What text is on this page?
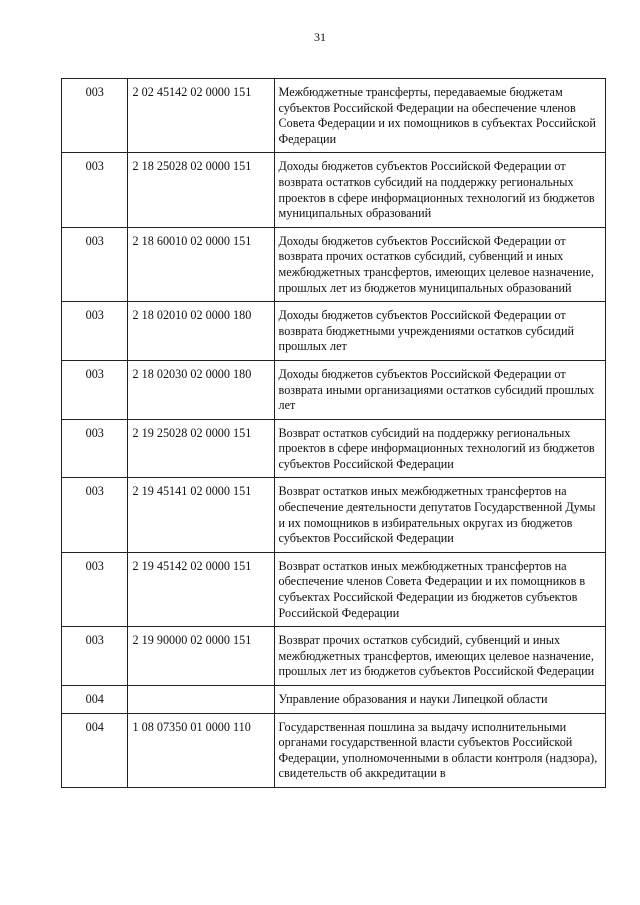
31
003	2 02 45142 02 0000 151	Межбюджетные трансферты, передаваемые бюджетам субъектов Российской Федерации на обеспечение членов Совета Федерации и их помощников в субъектах Российской Федерации
003	2 18 25028 02 0000 151	Доходы бюджетов субъектов Российской Федерации от возврата остатков субсидий на поддержку региональных проектов в сфере информационных технологий из бюджетов муниципальных образований
003	2 18 60010 02 0000 151	Доходы бюджетов субъектов Российской Федерации от возврата прочих остатков субсидий, субвенций и иных межбюджетных трансфертов, имеющих целевое назначение, прошлых лет из бюджетов муниципальных образований
003	2 18 02010 02 0000 180	Доходы бюджетов субъектов Российской Федерации от возврата бюджетными учреждениями остатков субсидий прошлых лет
003	2 18 02030 02 0000 180	Доходы бюджетов субъектов Российской Федерации от возврата иными организациями остатков субсидий прошлых лет
003	2 19 25028 02 0000 151	Возврат остатков субсидий на поддержку региональных проектов в сфере информационных технологий из бюджетов субъектов Российской Федерации
003	2 19 45141 02 0000 151	Возврат остатков иных межбюджетных трансфертов на обеспечение деятельности депутатов Государственной Думы и их помощников в избирательных округах из бюджетов субъектов Российской Федерации
003	2 19 45142 02 0000 151	Возврат остатков иных межбюджетных трансфертов на обеспечение членов Совета Федерации и их помощников в субъектах Российской Федерации из бюджетов субъектов Российской Федерации
003	2 19 90000 02 0000 151	Возврат прочих остатков субсидий, субвенций и иных межбюджетных трансфертов, имеющих целевое назначение, прошлых лет из бюджетов субъектов Российской Федерации
004		Управление образования и науки Липецкой области
004	1 08 07350 01 0000 110	Государственная пошлина за выдачу исполнительными органами государственной власти субъектов Российской Федерации, уполномоченными в области контроля (надзора), свидетельств об аккредитации в
